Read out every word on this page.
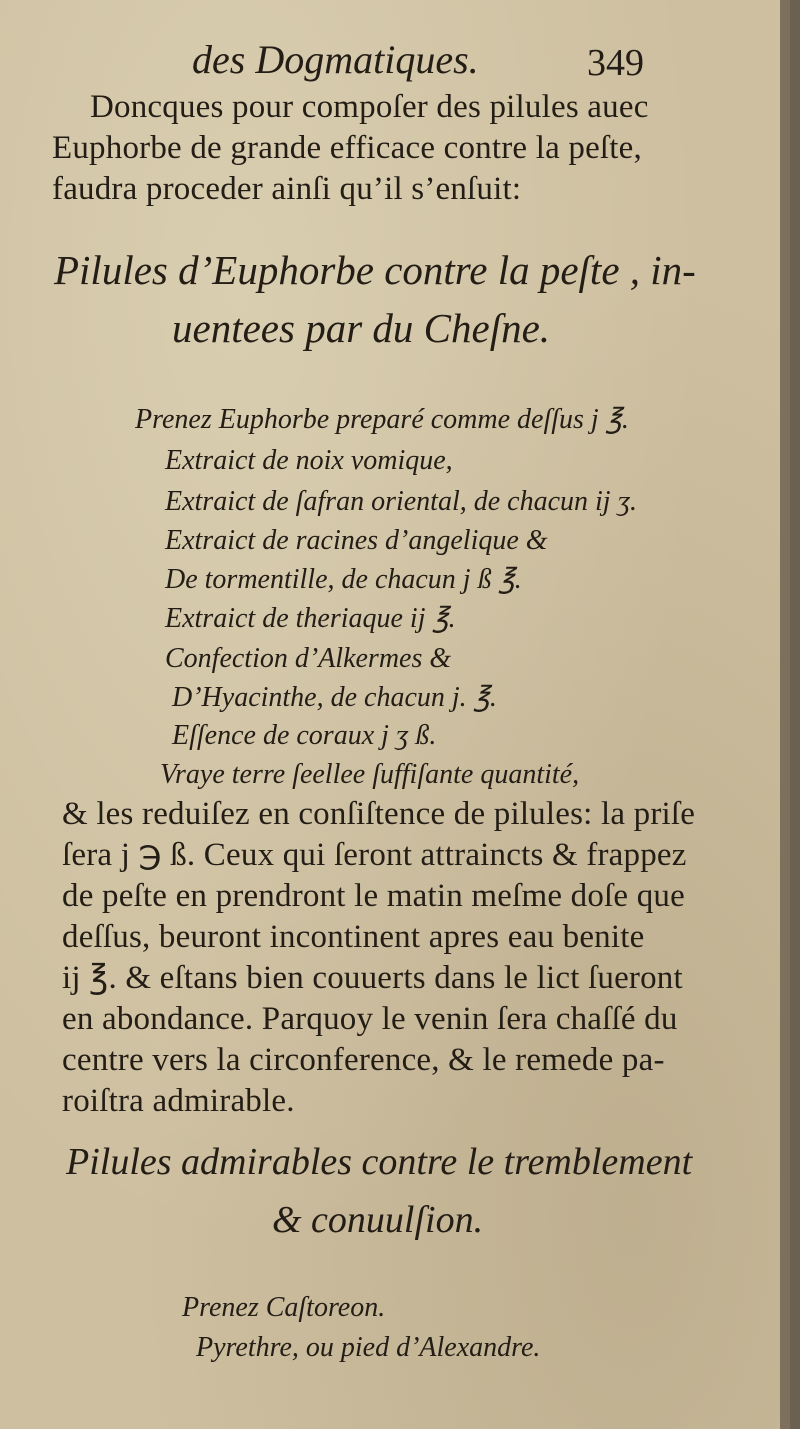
des Dogmatiques.	349
Doncques pour compoſer des pilules auec
Euphorbe de grande efficace contre la peſte,
faudra proceder ainſi qu’il s’enſuit:
Pilules d’Euphorbe contre la peſte , in-
uentees par du Cheſne.
Prenez Euphorbe preparé comme deſſus j ℥.
Extraict de noix vomique,
Extraict de ſafran oriental, de chacun ij ʒ.
Extraict de racines d’angelique &
De tormentille, de chacun j ß ℥.
Extraict de theriaque ij ℥.
Confection d’Alkermes &
D’Hyacinthe, de chacun j. ℥.
Eſſence de coraux j ʒ ß.
Vraye terre ſeellee ſuffiſante quantité,
& les reduiſez en conſiſtence de pilules: la priſe
ſera j ℈ ß. Ceux qui ſeront attraincts & frappez
de peſte en prendront le matin meſme doſe que
deſſus, beuront incontinent apres eau benite
ij ℥. & eſtans bien couuerts dans le lict ſueront
en abondance. Parquoy le venin ſera chaſſé du
centre vers la circonference, & le remede pa-
roiſtra admirable.
Pilules admirables contre le tremblement
& conuulſion.
Prenez Caſtoreon.
Pyrethre, ou pied d’Alexandre.
